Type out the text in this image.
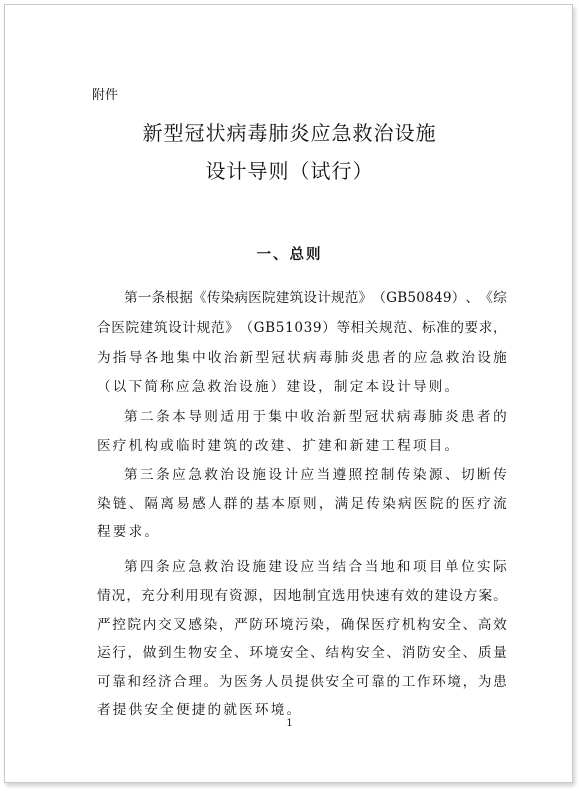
附件
新型冠状病毒肺炎应急救治设施
设计导则（试行）
一、总则
第 一 条 根 据 《 传 染 病 医 院 建 筑 设 计 规 范 》 （ G B 5 0 8 4 9 ） 、 《 综
合 医 院 建 筑 设 计 规 范 》 （ G B 5 1 0 3 9 ） 等 相 关 规 范 、 标 准 的 要 求 ，
为 指 导 各 地 集 中 收 治 新 型 冠 状 病 毒 肺 炎 患 者 的 应 急 救 治 设 施
（以下简称应急救治设施）建设，制定本设计导则。
第 二 条 本 导 则 适 用 于 集 中 收 治 新 型 冠 状 病 毒 肺 炎 患 者 的
医疗机构或临时建筑的改建、扩建和新建工程项目。
第 三 条 应 急 救 治 设 施 设 计 应 当 遵 照 控 制 传 染 源 、 切 断 传
染 链 、 隔 离 易 感 人 群 的 基 本 原 则 ， 满 足 传 染 病 医 院 的 医 疗 流
程要求。
第 四 条 应 急 救 治 设 施 建 设 应 当 结 合 当 地 和 项 目 单 位 实 际
情 况 ， 充 分 利 用 现 有 资 源 ， 因 地 制 宜 选 用 快 速 有 效 的 建 设 方 案 。
严 控 院 内 交 叉 感 染 ， 严 防 环 境 污 染 ， 确 保 医 疗 机 构 安 全 、 高 效
运 行 ， 做 到 生 物 安 全 、 环 境 安 全 、 结 构 安 全 、 消 防 安 全 、 质 量
可 靠 和 经 济 合 理 。 为 医 务 人 员 提 供 安 全 可 靠 的 工 作 环 境 ， 为 患
者提供安全便捷的就医环境。
1
